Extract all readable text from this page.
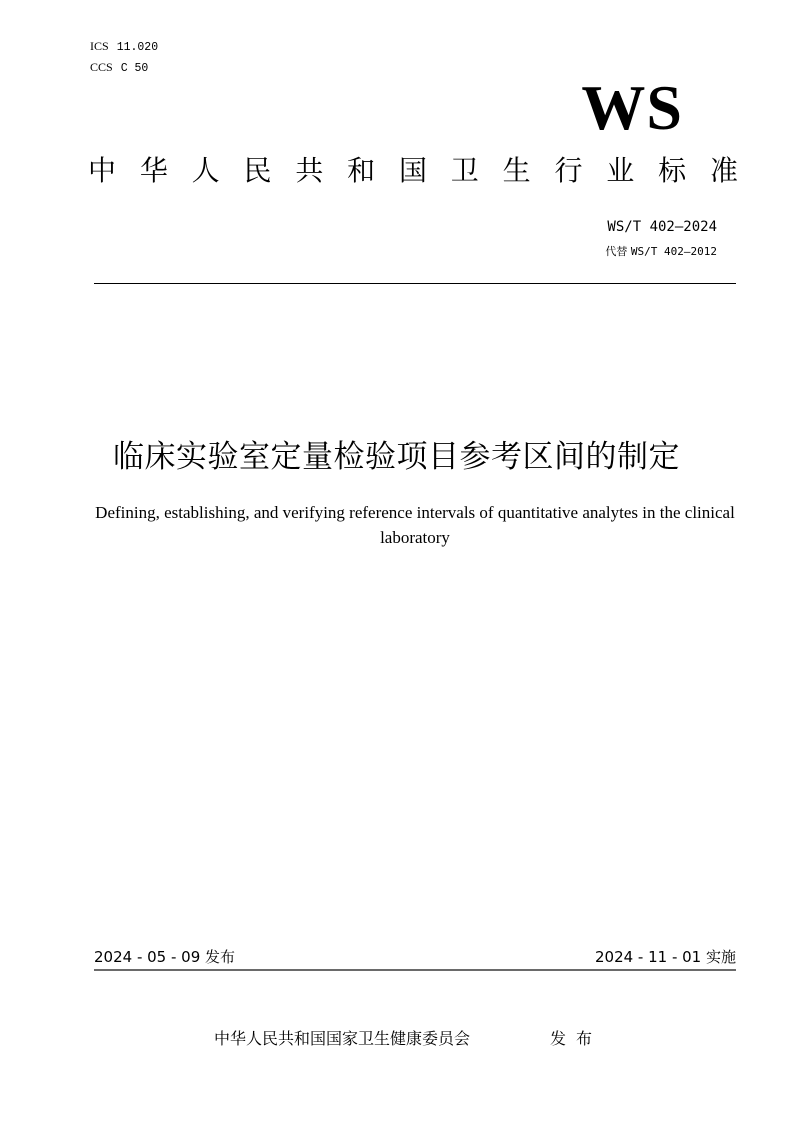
ICS 11.020
CCS C 50
WS
中 华 人 民 共 和 国 卫 生 行 业 标 准
WS/T 402—2024
代替 WS/T 402—2012
临床实验室定量检验项目参考区间的制定
Defining, establishing, and verifying reference intervals of quantitative analytes in the clinical laboratory
2024 - 05 - 09 发布	2024 - 11 - 01 实施
中华人民共和国国家卫生健康委员会	发布
